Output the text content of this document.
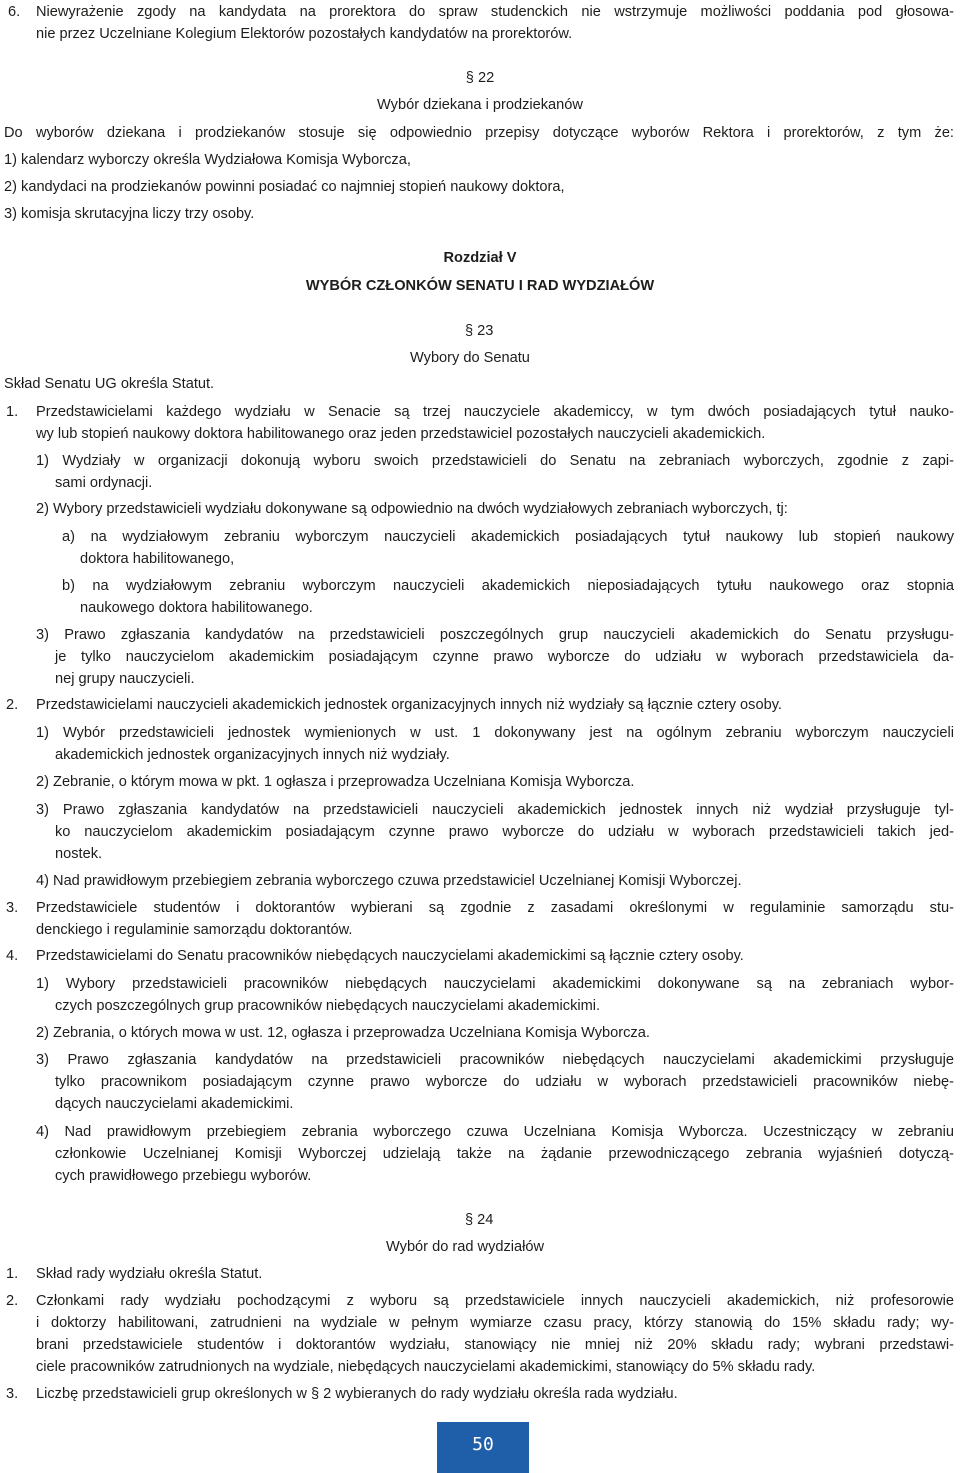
6. Niewyrażenie zgody na kandydata na prorektora do spraw studenckich nie wstrzymuje możliwości poddania pod głosowa-
nie przez Uczelniane Kolegium Elektorów pozostałych kandydatów na prorektorów.
§ 22
Wybór dziekana i prodziekanów
Do wyborów dziekana i prodziekanów stosuje się odpowiednio przepisy dotyczące wyborów Rektora i prorektorów, z tym że:
1) kalendarz wyborczy określa Wydziałowa Komisja Wyborcza,
2) kandydaci na prodziekanów powinni posiadać co najmniej stopień naukowy doktora,
3) komisja skrutacyjna liczy trzy osoby.
Rozdział V
WYBÓR CZŁONKÓW SENATU I RAD WYDZIAŁÓW
§ 23
Wybory do Senatu
Skład Senatu UG określa Statut.
1. Przedstawicielami każdego wydziału w Senacie są trzej nauczyciele akademiccy, w tym dwóch posiadających tytuł nauko-
wy lub stopień naukowy doktora habilitowanego oraz jeden przedstawiciel pozostałych nauczycieli akademickich.
1) Wydziały w organizacji dokonują wyboru swoich przedstawicieli do Senatu na zebraniach wyborczych, zgodnie z zapi-
sami ordynacji.
2) Wybory przedstawicieli wydziału dokonywane są odpowiednio na dwóch wydziałowych zebraniach wyborczych, tj:
a) na wydziałowym zebraniu wyborczym nauczycieli akademickich posiadających tytuł naukowy lub stopień naukowy
doktora habilitowanego,
b) na wydziałowym zebraniu wyborczym nauczycieli akademickich nieposiadających tytułu naukowego oraz stopnia
naukowego doktora habilitowanego.
3) Prawo zgłaszania kandydatów na przedstawicieli poszczególnych grup nauczycieli akademickich do Senatu przysługu-
je tylko nauczycielom akademickim posiadającym czynne prawo wyborcze do udziału w wyborach przedstawiciela da-
nej grupy nauczycieli.
2. Przedstawicielami nauczycieli akademickich jednostek organizacyjnych innych niż wydziały są łącznie cztery osoby.
1) Wybór przedstawicieli jednostek wymienionych w ust. 1 dokonywany jest na ogólnym zebraniu wyborczym nauczycieli
akademickich jednostek organizacyjnych innych niż wydziały.
2) Zebranie, o którym mowa w pkt. 1 ogłasza i przeprowadza Uczelniana Komisja Wyborcza.
3) Prawo zgłaszania kandydatów na przedstawicieli nauczycieli akademickich jednostek innych niż wydział przysługuje tyl-
ko nauczycielom akademickim posiadającym czynne prawo wyborcze do udziału w wyborach przedstawicieli takich jed-
nostek.
4) Nad prawidłowym przebiegiem zebrania wyborczego czuwa przedstawiciel Uczelnianej Komisji Wyborczej.
3. Przedstawiciele studentów i doktorantów wybierani są zgodnie z zasadami określonymi w regulaminie samorządu stu-
denckiego i regulaminie samorządu doktorantów.
4. Przedstawicielami do Senatu pracowników niebędących nauczycielami akademickimi są łącznie cztery osoby.
1) Wybory przedstawicieli pracowników niebędących nauczycielami akademickimi dokonywane są na zebraniach wybor-
czych poszczególnych grup pracowników niebędących nauczycielami akademickimi.
2) Zebrania, o których mowa w ust. 12, ogłasza i przeprowadza Uczelniana Komisja Wyborcza.
3) Prawo zgłaszania kandydatów na przedstawicieli pracowników niebędących nauczycielami akademickimi przysługuje
tylko pracownikom posiadającym czynne prawo wyborcze do udziału w wyborach przedstawicieli pracowników niebę-
dących nauczycielami akademickimi.
4) Nad prawidłowym przebiegiem zebrania wyborczego czuwa Uczelniana Komisja Wyborcza. Uczestniczący w zebraniu
członkowie Uczelnianej Komisji Wyborczej udzielają także na żądanie przewodniczącego zebrania wyjaśnień dotyczą-
cych prawidłowego przebiegu wyborów.
§ 24
Wybór do rad wydziałów
1. Skład rady wydziału określa Statut.
2. Członkami rady wydziału pochodzącymi z wyboru są przedstawiciele innych nauczycieli akademickich, niż profesorowie
i doktorzy habilitowani, zatrudnieni na wydziale w pełnym wymiarze czasu pracy, którzy stanowią do 15% składu rady; wy-
brani przedstawiciele studentów i doktorantów wydziału, stanowiący nie mniej niż 20% składu rady; wybrani przedstawi-
ciele pracowników zatrudnionych na wydziale, niebędących nauczycielami akademickimi, stanowiący do 5% składu rady.
3. Liczbę przedstawicieli grup określonych w § 2 wybieranych do rady wydziału określa rada wydziału.
50
